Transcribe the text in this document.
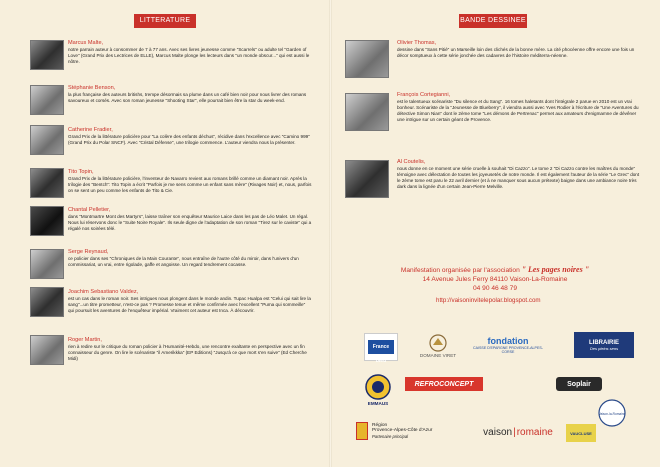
LITTERATURE	BANDE DESSINEE
Marcus Malte,
notre parrain auteur à consommer de 7 à 77 ans. Avec ses livres jeunesse comme "Scarrels" ou adulte tel "Garden of Love" (Grand Prix des Lectrices de ELLE), Marcus Malte plonge les lecteurs dans "un monde obscur..." qui est aussi le nôtre.
Stéphanie Benson,
la plus française des auteurs britishs, trempe désormais sa plume dans un café bien noir pour nous livrer des romans savoureux et corsés. Avec son roman jeunesse "Shooting Star", elle pourrait bien être la star du week-end.
Catherine Fradier,
Grand Prix de la littérature policière pour "La colère des enfants déchus", récidive dans l'excellence avec "Camino 999" (Grand Prix du Polar SNCF). Avec "Cristal Défense", une trilogie commence. L'auteur viendra nous la présenter.
Tito Topin,
Grand Prix de la littérature policière, l'inventeur de Navarro revient aux romans brillé comme un diamant noir. Après la trilogie des "Bentch": Tito Topin a écrit "Parfois je me sens comme un enfant sans mère" (Rivages Noir) et, nous, parfois on se sent un peu comme les enfants de Tito & Cie.
Chantal Pelletier,
dans "Montmartre Mont des Martyrs", laisse traîner son enquêteur Maurice Laice dans les pas de Léo Malet. Un régal. Nous lui réservons donc le "Suite Noire Royale". Ils seule digne de l'adaptation de son roman "Tirez sur le caviste" qui a régalé nos soirées télé.
Serge Reynaud,
ce policier dans ses "Chroniques de la Main Courante", nous entraîne de l'autre côté du miroir, dans l'univers d'un commissariat, un vrai, entre rigolade, gaffe et angoisse. Un regard tendrement cocasse.
Joachim Sebastiano Valdez,
est un cas dans le roman noir. Ses intrigues nous plongent dans le monde andin. Tupac Hualpa est "Celui qui sait lire la sang"...un titre prometteur, n'est-ce pas ? Promesse tenue et même confirmée avec l'excellent "Puma qui sommeille" qui poursuit les aventures de l'enquêteur impérial. Vraiment cet auteur est Inca. À découvrir.
Roger Martin,
rien à redire sur le critique du roman policier à l'Humanité-Hebdo, une rencontre exaltante en perspective avec un fin connaisseur du genre. On lire le scénariste "il Amerikkka" (EP Editions) "Jusqu'à ce que mort s'en suive" (Ed Cherche Midi)
Olivier Thomas,
dessine dans "Sans Pitié" un Marseille loin des clichés de la bonne mère. La cité phocéenne offre encore une fois un décor somptueux à cette série jonchée des cadavres de l'histoire méditerra-néenne.
François Cortegianni,
est le talentueux scénariste "Du silence et du Sang". 16 tomes haletants dont l'intégrale 2 parue en 2010 est un vrai bonheur. Scénariste de la "Jeunesse de Blueberry", il viendra aussi avec Yves Rodier à l'écriture de "Une Aventures du détective Simon Nian" dont le 2ème tome "Les démons de Pertrenac" permet aux amateurs d'enigmamne de dévêner une intrigue sur un certain géant de Provence.
Al Coutelis,
nous donne en ce moment une série cruelle à souhait "Di Cazzo". Le tome 2 "Di Cazzo contre les maîtres du monde" témoigne avec délectation de toutes les joyeusetés de notre monde. Il est également l'auteur de la série "Le Grec" dont le 2ème tome est paru le 22 avril dernier (et à ne manquer sous aucun prétexte) baigne dans une ambiance noire très dark dans la lignée d'un certain Jean-Pierre Melville.
Manifestation organisée par l'association " Les pages noires "
14 Avenue Jules Ferry 84110 Vaison-La-Romaine
04 90 46 48 79
http://vaisoninvitelepolar.blogspot.com
France bleu
DOMAINE VIRET
fondation
CAISSE D'EPARGNE PROVENCE-ALPES-CORSE
LIBRAIRIE
Des pleins sens
EMMAUS
REFROCONCEPT	Soplair
Vaison-la-Romaine
Région
Provence-Alpes-Côte d'Azur
Partenaire principal	vaison | romaine	VAUCLUSE
